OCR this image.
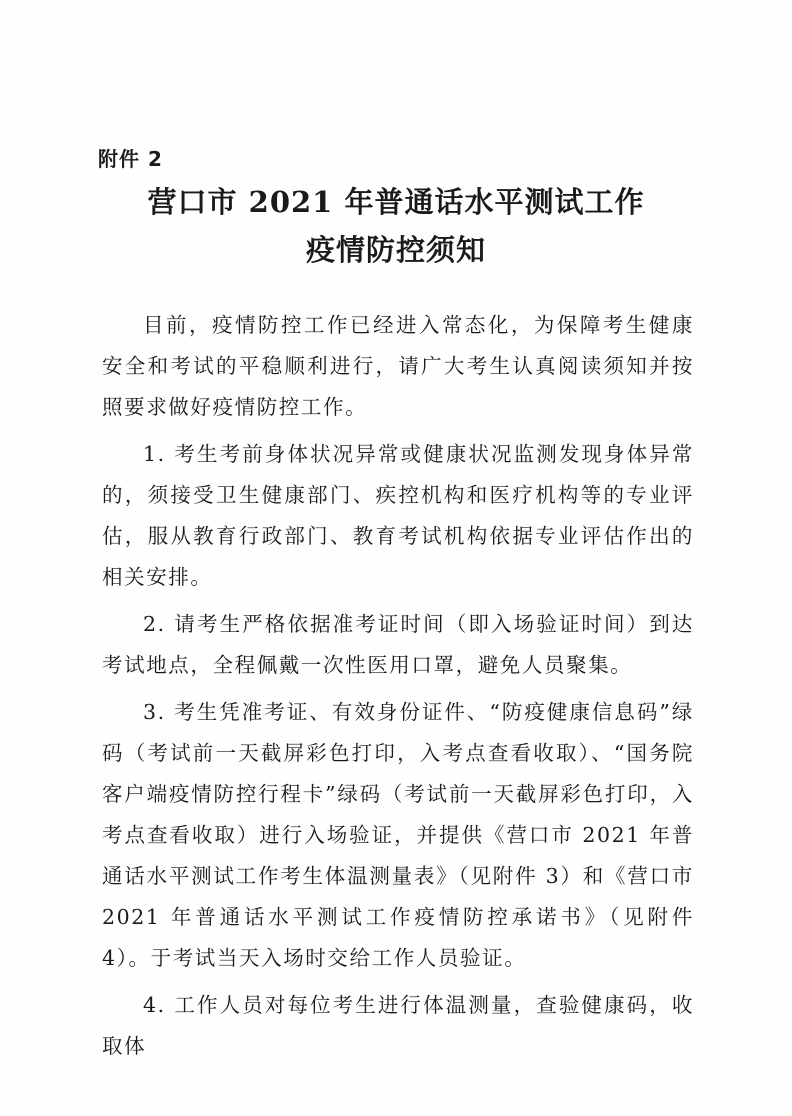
附件 2
营口市 2021 年普通话水平测试工作
疫情防控须知

目前，疫情防控工作已经进入常态化，为保障考生健康安全和考试的平稳顺利进行，请广大考生认真阅读须知并按照要求做好疫情防控工作。

1. 考生考前身体状况异常或健康状况监测发现身体异常的，须接受卫生健康部门、疾控机构和医疗机构等的专业评估，服从教育行政部门、教育考试机构依据专业评估作出的相关安排。

2. 请考生严格依据准考证时间（即入场验证时间）到达考试地点，全程佩戴一次性医用口罩，避免人员聚集。

3. 考生凭准考证、有效身份证件、“防疫健康信息码”绿码（考试前一天截屏彩色打印，入考点查看收取）、“国务院客户端疫情防控行程卡”绿码（考试前一天截屏彩色打印，入考点查看收取）进行入场验证，并提供《营口市 2021 年普通话水平测试工作考生体温测量表》（见附件 3）和《营口市 2021 年普通话水平测试工作疫情防控承诺书》（见附件 4）。于考试当天入场时交给工作人员验证。

4. 工作人员对每位考生进行体温测量，查验健康码，收取体
